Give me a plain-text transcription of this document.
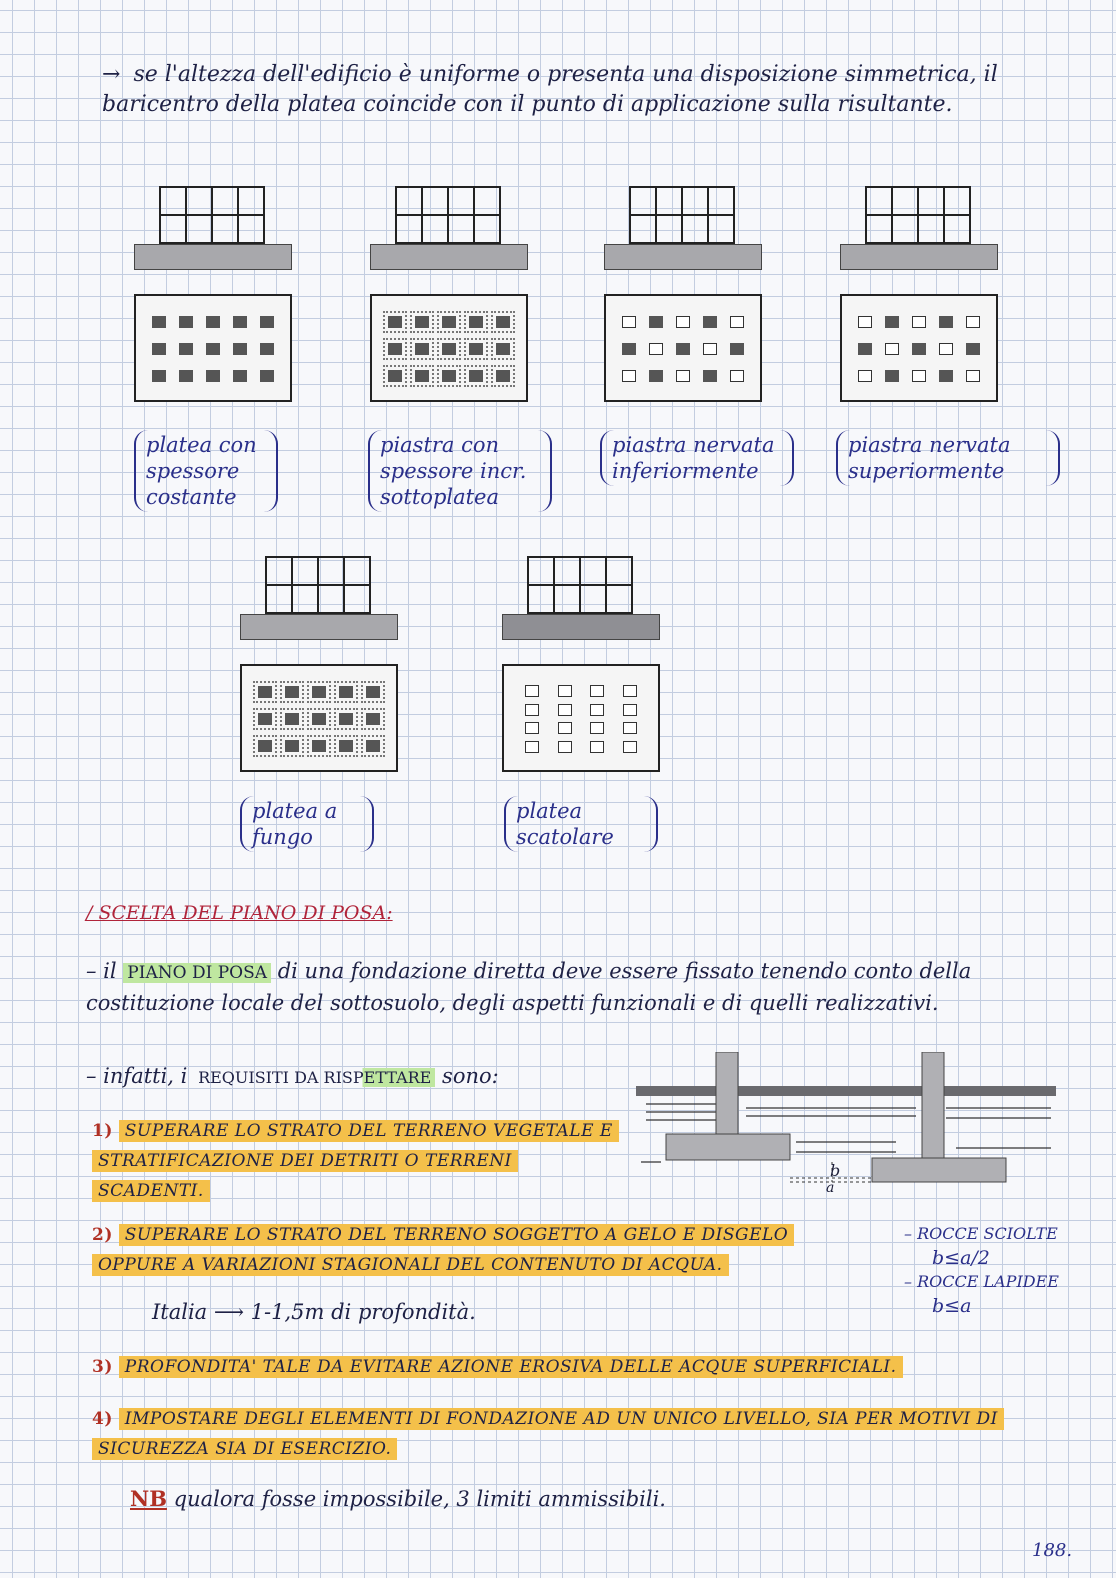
→ se l'altezza dell'edificio è uniforme o presenta una disposizione simmetrica, il baricentro della platea coincide con il punto di applicazione sulla risultante.
platea con spessore costante
piastra con spessore incr. sottoplatea
piastra nervata inferiormente
piastra nervata superiormente
platea a fungo
platea scatolare
/ SCELTA DEL PIANO DI POSA:
– il PIANO DI POSA di una fondazione diretta deve essere fissato tenendo conto della costituzione locale del sottosuolo, degli aspetti funzionali e di quelli realizzativi.
– infatti, i REQUISITI DA RISPETTARE sono:
1) SUPERARE LO STRATO DEL TERRENO VEGETALE E STRATIFICAZIONE DEI DETRITI O TERRENI SCADENTI.
2) SUPERARE LO STRATO DEL TERRENO SOGGETTO A GELO E DISGELO OPPURE A VARIAZIONI STAGIONALI DEL CONTENUTO DI ACQUA.
Italia ⟶ 1-1,5m di profondità.
3) PROFONDITA' TALE DA EVITARE AZIONE EROSIVA DELLE ACQUE SUPERFICIALI.
4) IMPOSTARE DEGLI ELEMENTI DI FONDAZIONE AD UN UNICO LIVELLO, SIA PER MOTIVI DI SICUREZZA SIA DI ESERCIZIO.
NB qualora fosse impossibile, 3 limiti ammissibili.
b
a
– ROCCE SCIOLTE
b≤a/2
– ROCCE LAPIDEE
b≤a
188.
